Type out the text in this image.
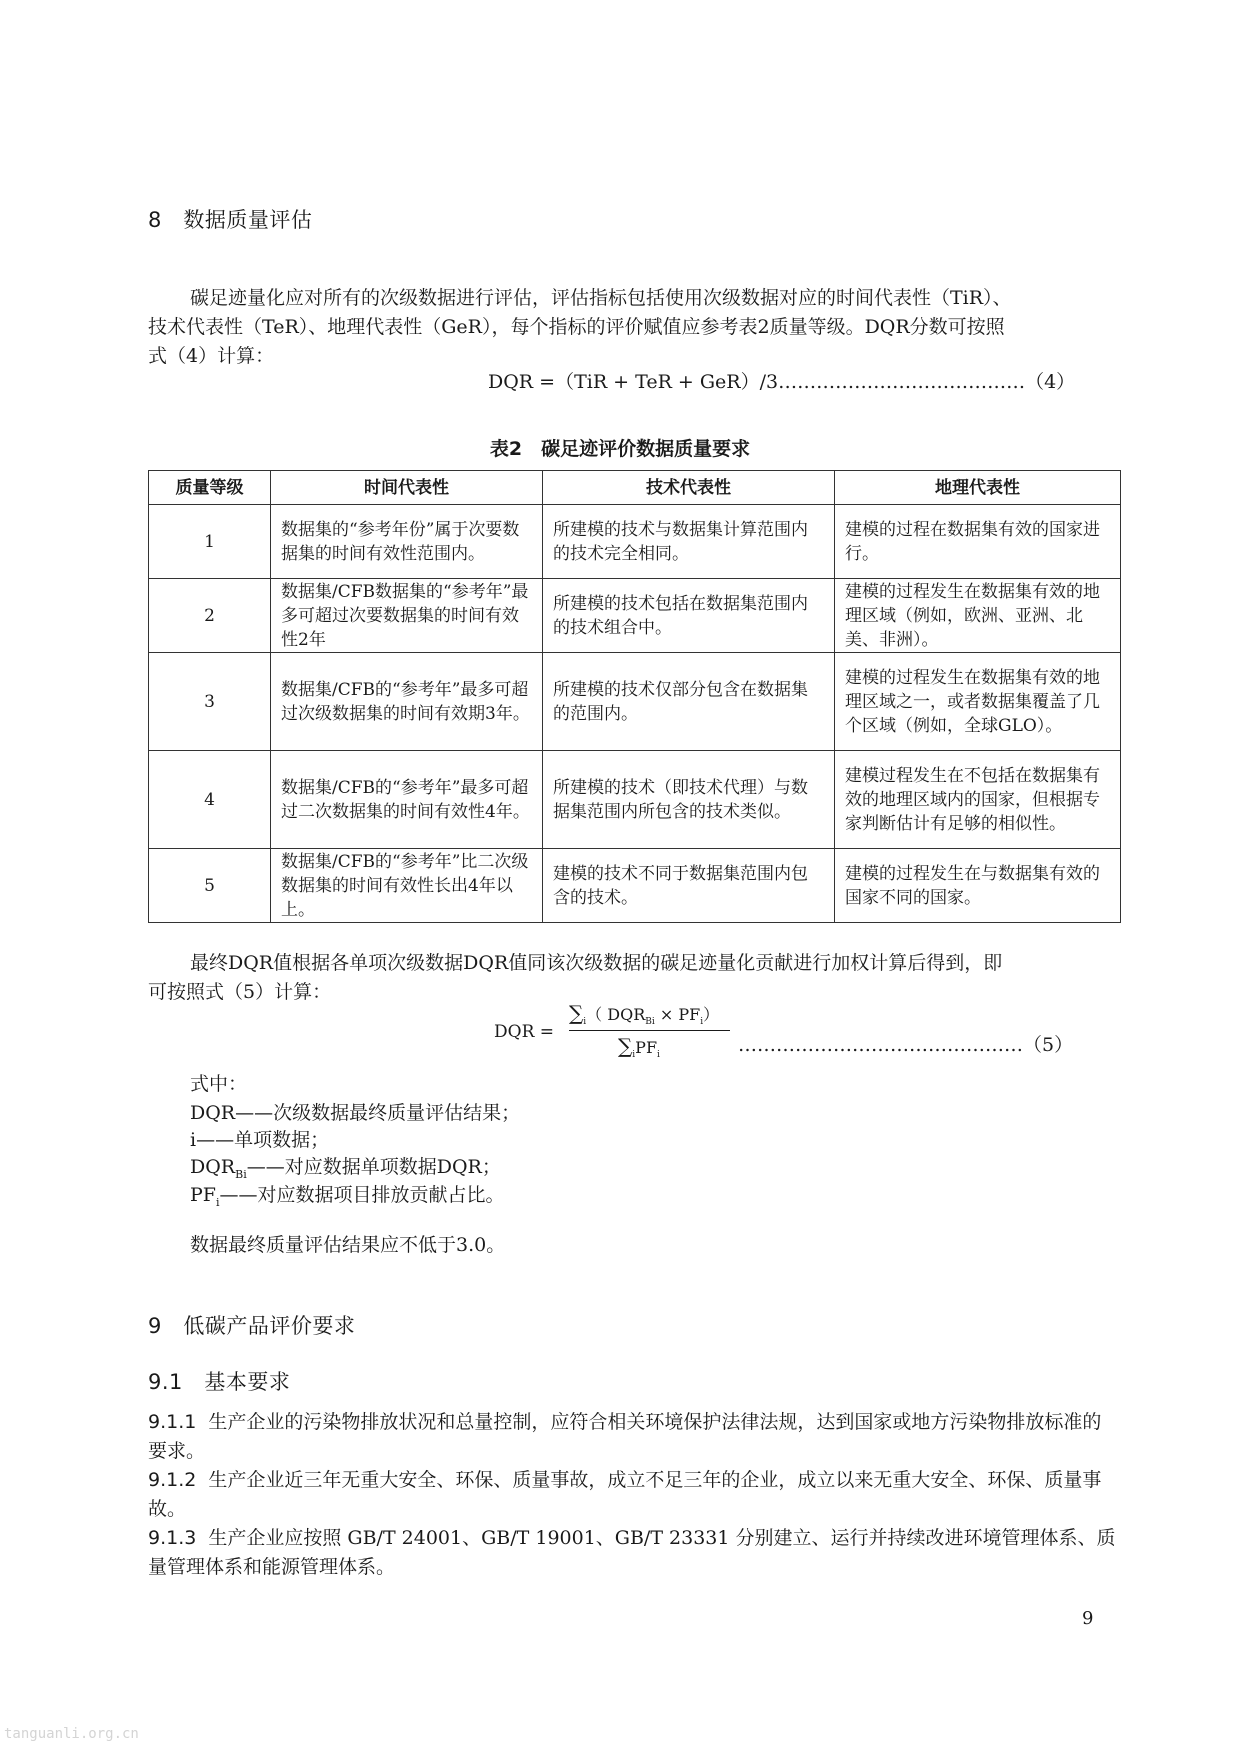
8　数据质量评估
碳足迹量化应对所有的次级数据进行评估，评估指标包括使用次级数据对应的时间代表性（TiR）、
技术代表性（TeR）、地理代表性（GeR），每个指标的评价赋值应参考表2质量等级。DQR分数可按照
式（4）计算：
DQR =（TiR + TeR + GeR）/3…………………………………（4）
表2　碳足迹评价数据质量要求
质量等级	时间代表性	技术代表性	地理代表性
1	数据集的“参考年份”属于次要数据集的时间有效性范围内。	所建模的技术与数据集计算范围内的技术完全相同。	建模的过程在数据集有效的国家进行。
2	数据集/CFB数据集的“参考年”最多可超过次要数据集的时间有效性2年	所建模的技术包括在数据集范围内的技术组合中。	建模的过程发生在数据集有效的地理区域（例如，欧洲、亚洲、北美、非洲）。
3	数据集/CFB的“参考年”最多可超过次级数据集的时间有效期3年。	所建模的技术仅部分包含在数据集的范围内。	建模的过程发生在数据集有效的地理区域之一，或者数据集覆盖了几个区域（例如，全球GLO）。
4	数据集/CFB的“参考年”最多可超过二次数据集的时间有效性4年。	所建模的技术（即技术代理）与数据集范围内所包含的技术类似。	建模过程发生在不包括在数据集有效的地理区域内的国家，但根据专家判断估计有足够的相似性。
5	数据集/CFB的“参考年”比二次级数据集的时间有效性长出4年以上。	建模的技术不同于数据集范围内包含的技术。	建模的过程发生在与数据集有效的国家不同的国家。
最终DQR值根据各单项次级数据DQR值同该次级数据的碳足迹量化贡献进行加权计算后得到，即
可按照式（5）计算：
DQR =
$\sum_i$（ $DQR_{Bi} \times PF_i$）
$\sum_iPF_i$	………………………………………（5）
式中：
DQR——次级数据最终质量评估结果；
i——单项数据；
$DQR_{Bi}——$对应数据单项数据DQR；
$PF_i——$对应数据项目排放贡献占比。
数据最终质量评估结果应不低于3.0。
9　低碳产品评价要求
9.1　基本要求
9.1.1 生产企业的污染物排放状况和总量控制，应符合相关环境保护法律法规，达到国家或地方污染物排放标准的要求。
9.1.2 生产企业近三年无重大安全、环保、质量事故，成立不足三年的企业，成立以来无重大安全、环保、质量事故。
9.1.3 生产企业应按照 GB/T 24001、GB/T 19001、GB/T 23331 分别建立、运行并持续改进环境管理体系、质量管理体系和能源管理体系。
9
tanguanli.org.cn
